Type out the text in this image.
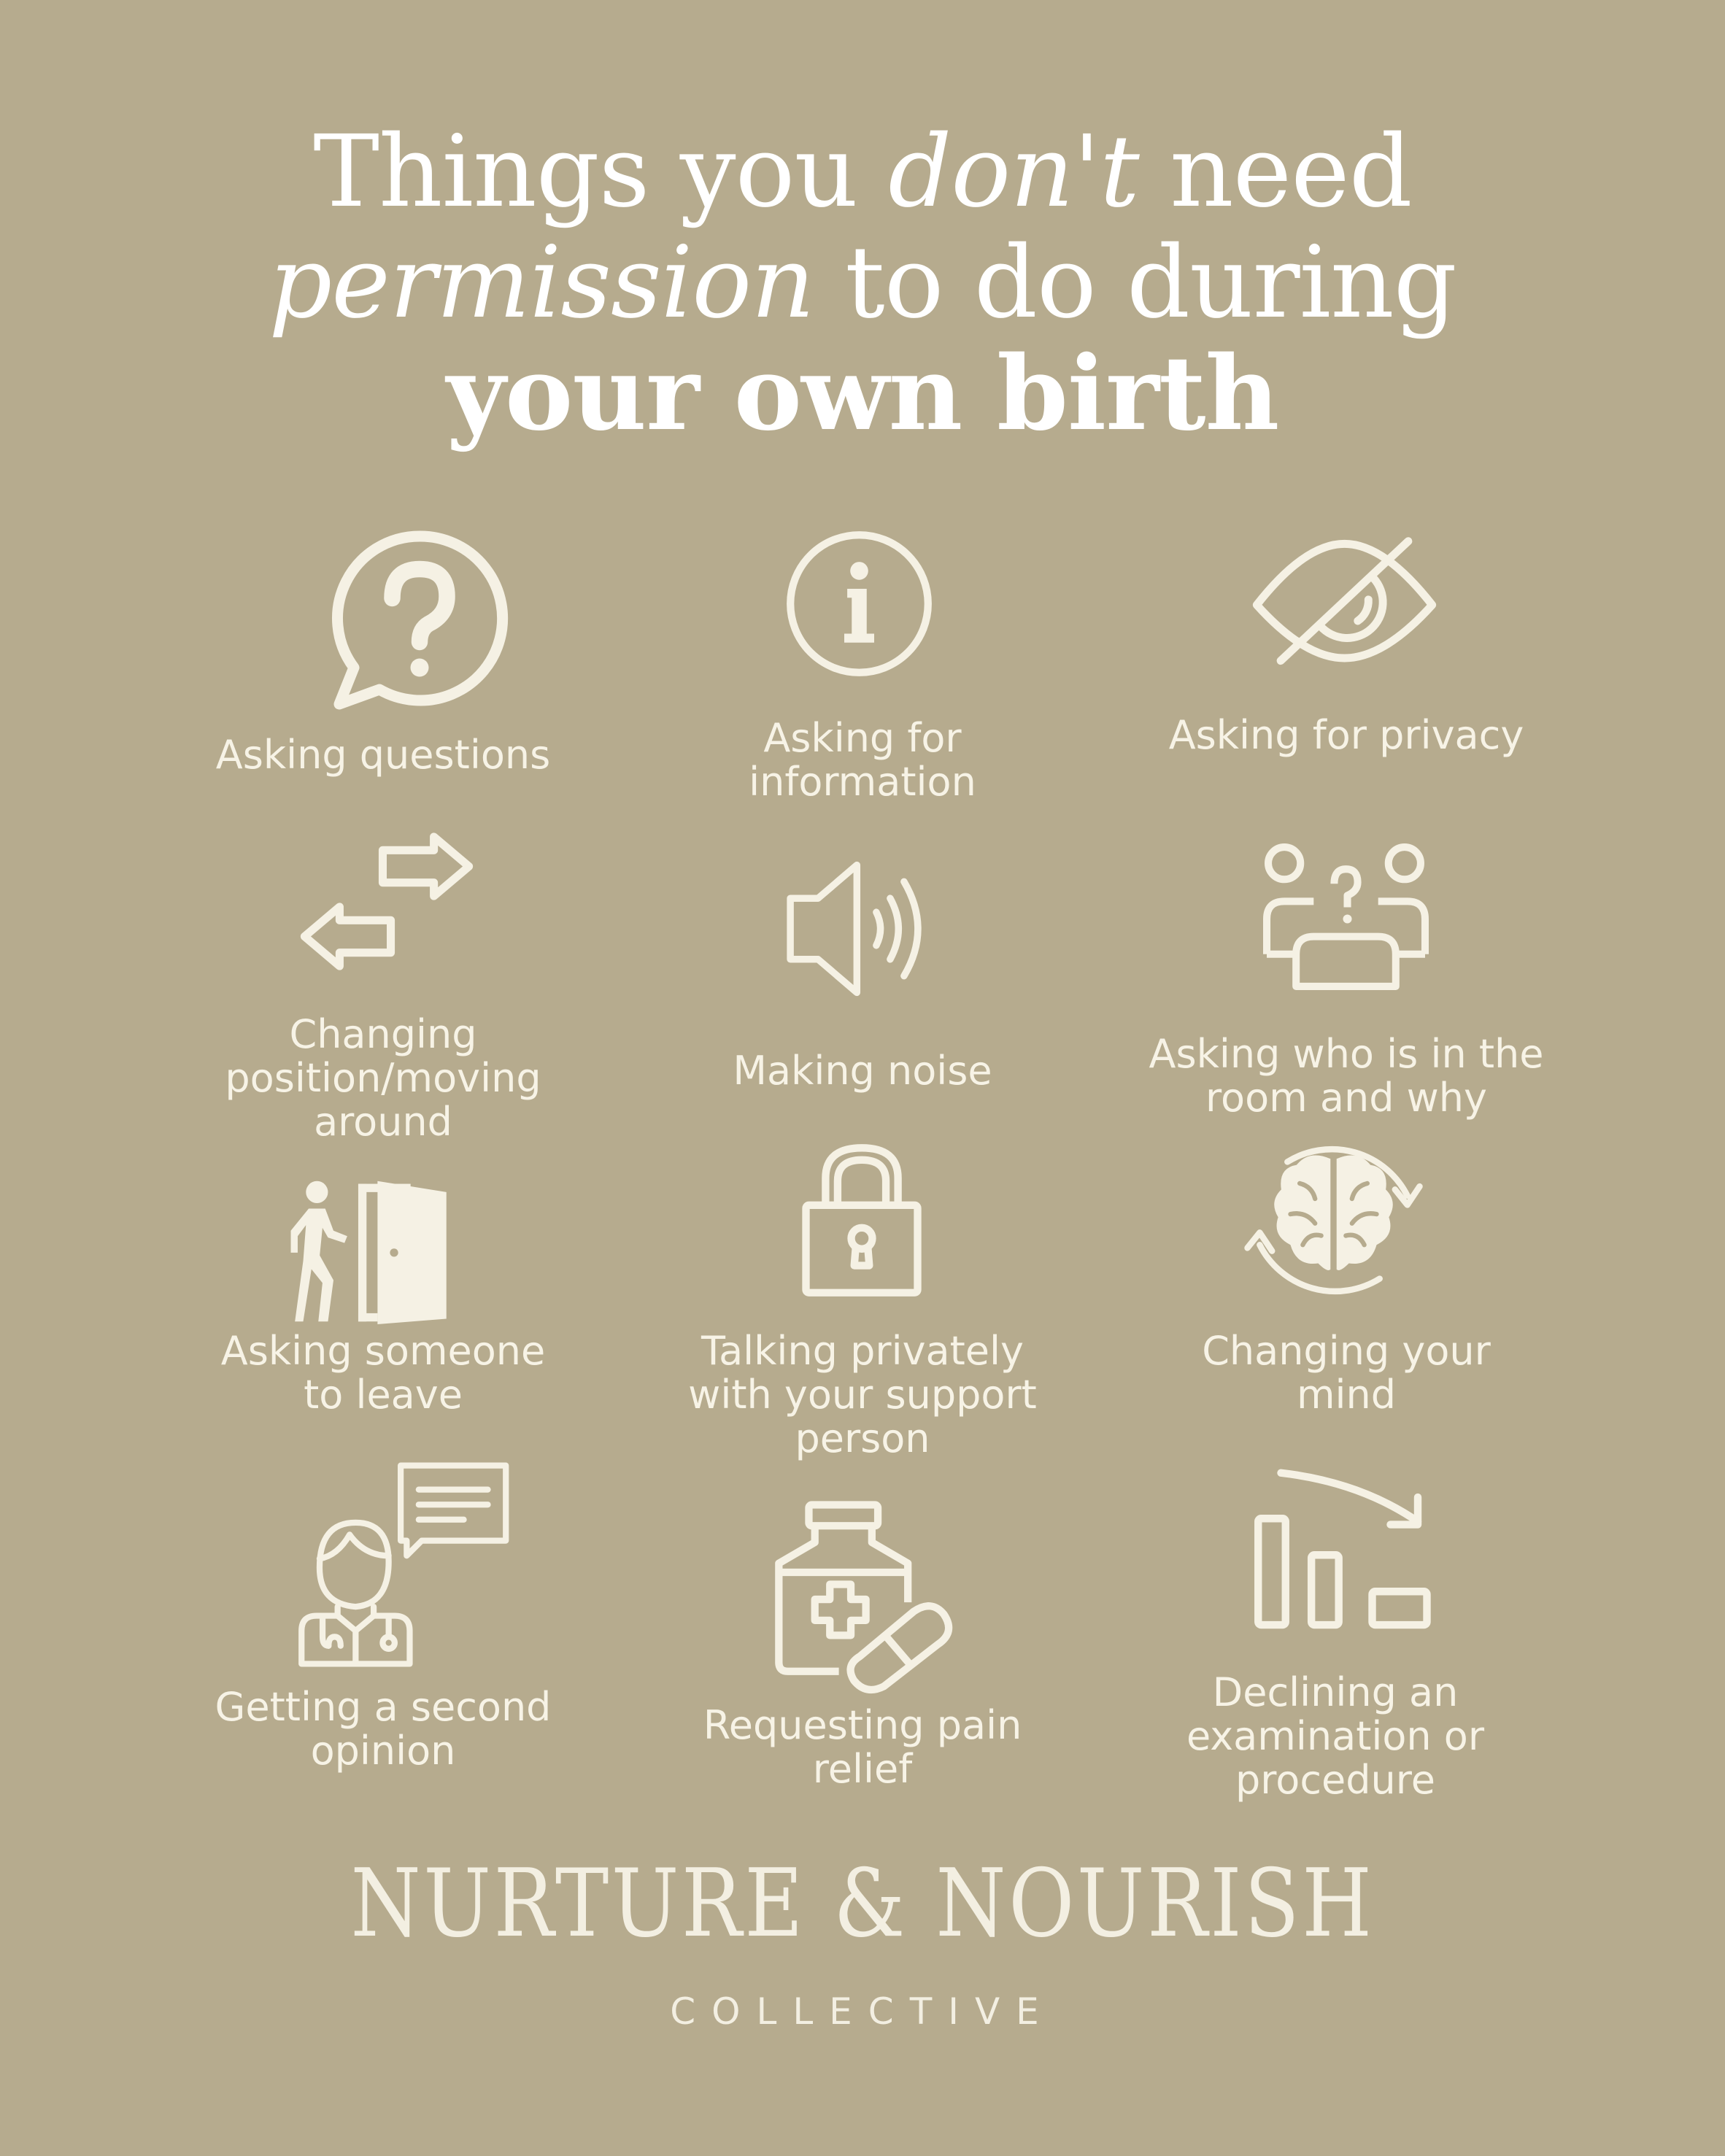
Things you don't need
permission to do during
your own birth
Asking questions	Asking for
information
Asking for privacy
Changing
position/moving
around
Making noise	Asking who is in the
room and why
Asking someone
to leave
Talking privately
with your support
person
Changing your
mind
Getting a second
opinion
Requesting pain
relief
Declining an
examination or
procedure
NURTURE & NOURISH
COLLECTIVE
